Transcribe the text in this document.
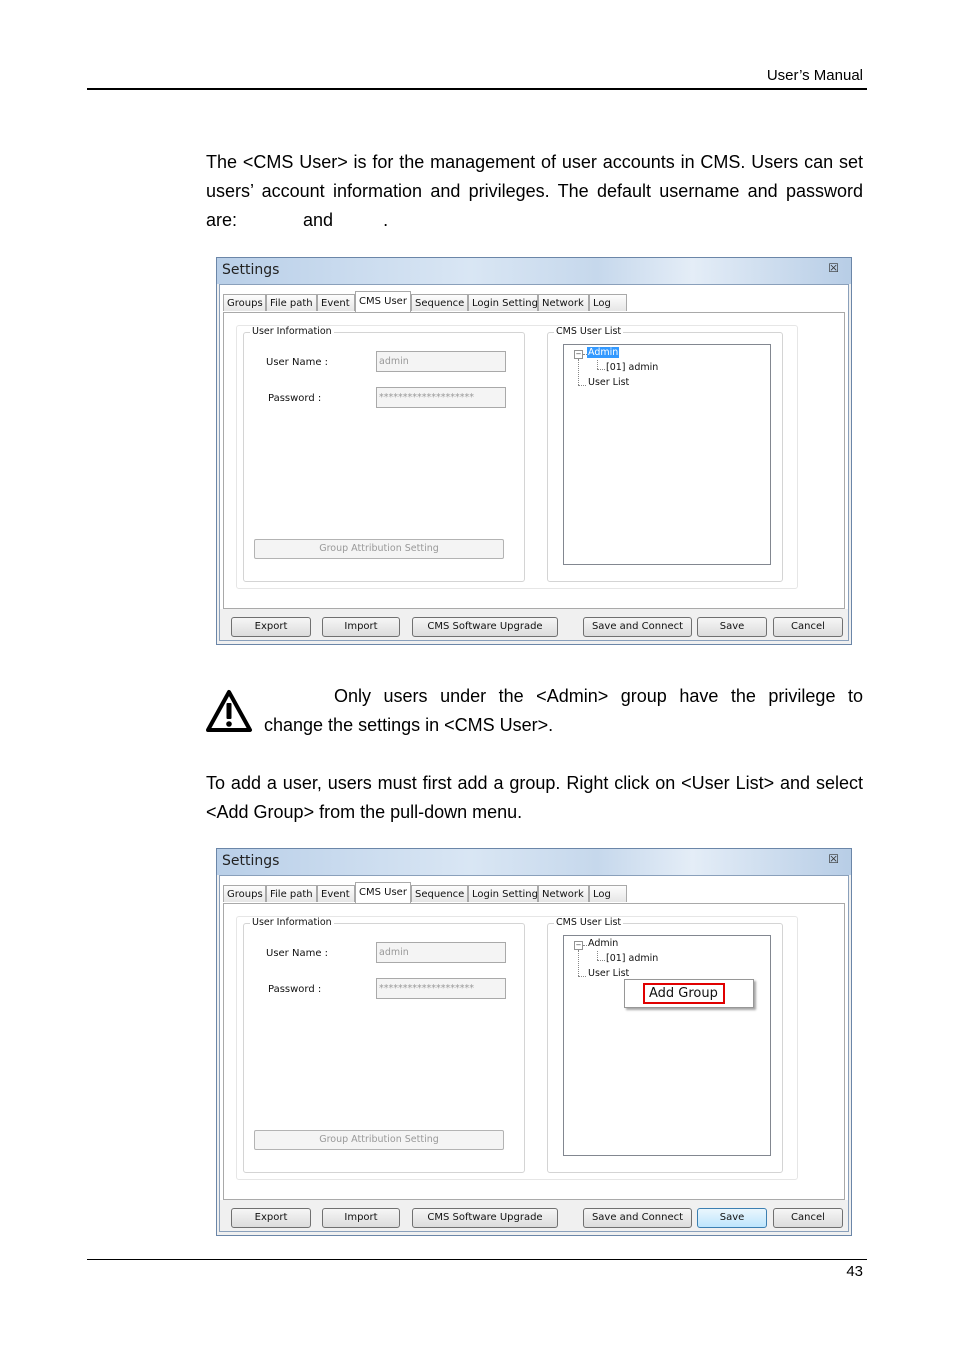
User’s Manual

The <CMS User> is for the management of user accounts in CMS. Users can set users’ account information and privileges. The default username and password are:	and	.

Settings	☒
Groups File path Event CMS User Sequence Login Setting Network Log
User Information
User Name :	admin
Password :	********************
Group Attribution Setting
CMS User List
− Admin
[01] admin
User List
Export	Import	CMS Software Upgrade	Save and Connect	Save	Cancel
Only users under the <Admin> group have the privilege to
change the settings in <CMS User>.

To add a user, users must first add a group. Right click on <User List> and select <Add Group> from the pull-down menu.

Settings	☒
Groups File path Event CMS User Sequence Login Setting Network Log
User Information
User Name :	admin
Password :	********************
Group Attribution Setting
CMS User List
− Admin
[01] admin
User List
Export	Import	CMS Software Upgrade	Save and Connect	Save	Cancel
Add Group
43
